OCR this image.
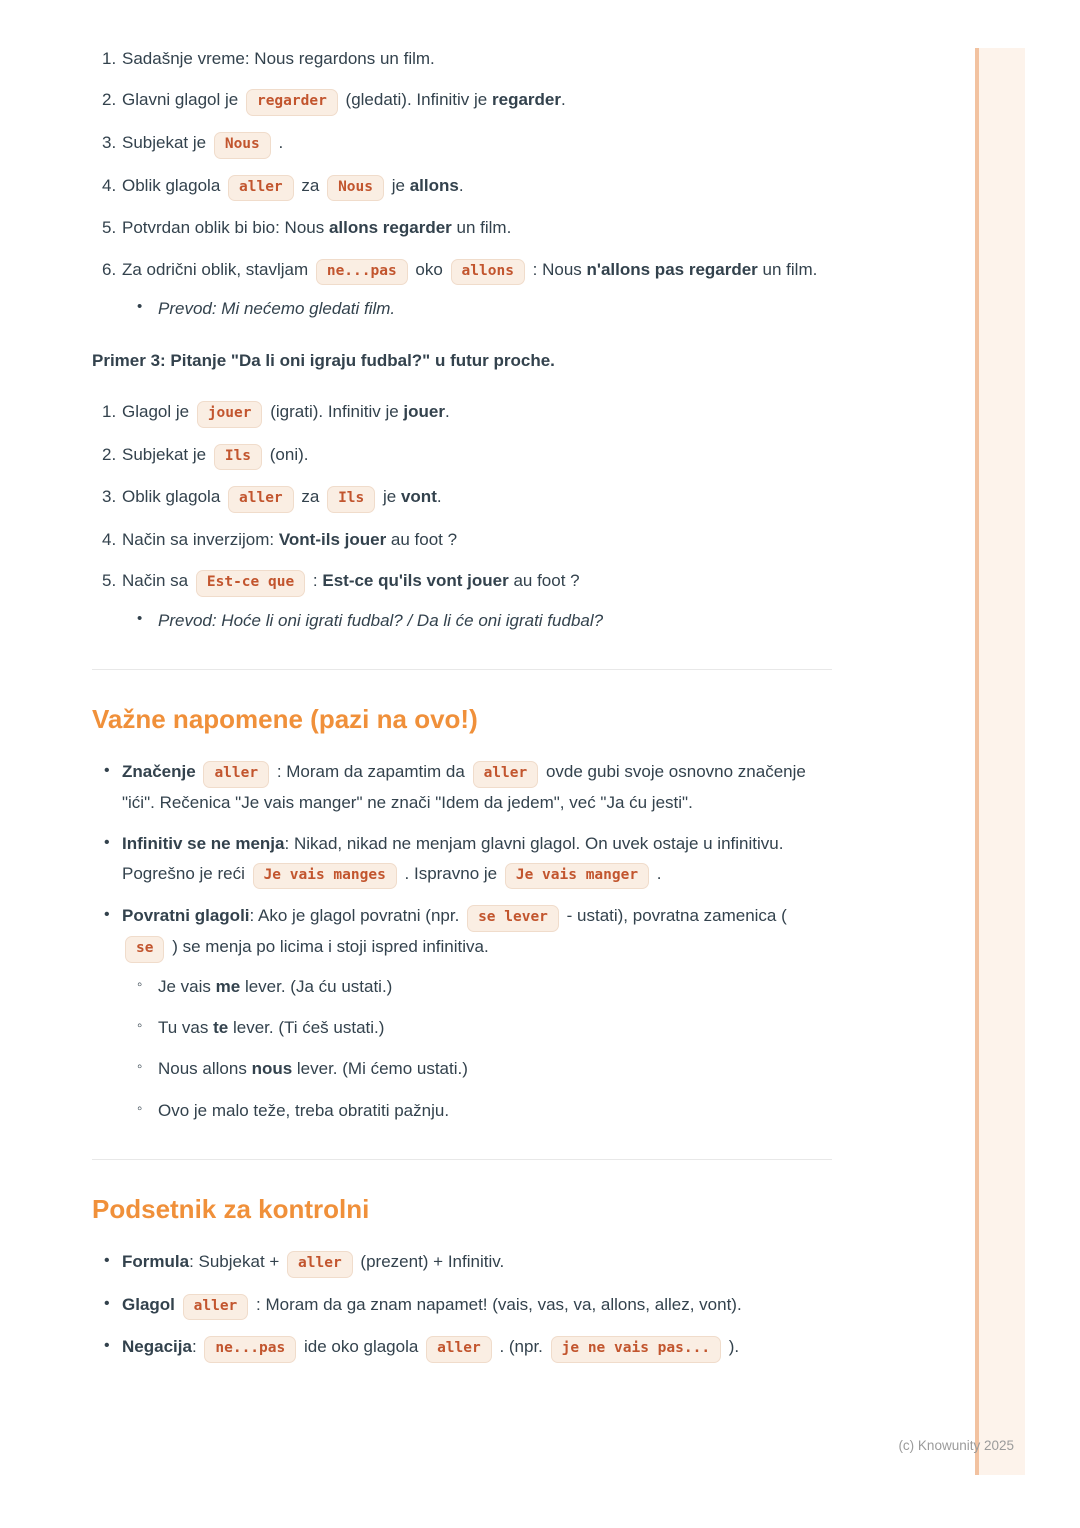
1. Sadašnje vreme: Nous regardons un film.
2. Glavni glagol je regarder (gledati). Infinitiv je regarder.
3. Subjekat je Nous .
4. Oblik glagola aller za Nous je allons.
5. Potvrdan oblik bi bio: Nous allons regarder un film.
6. Za odrični oblik, stavljam ne...pas oko allons : Nous n'allons pas regarder un film.
• Prevod: Mi nećemo gledati film.

Primer 3: Pitanje "Da li oni igraju fudbal?" u futur proche.

1. Glagol je jouer (igrati). Infinitiv je jouer.
2. Subjekat je Ils (oni).
3. Oblik glagola aller za Ils je vont.
4. Način sa inverzijom: Vont-ils jouer au foot ?
5. Način sa Est-ce que : Est-ce qu'ils vont jouer au foot ?
• Prevod: Hoće li oni igrati fudbal? / Da li će oni igrati fudbal?
Važne napomene (pazi na ovo!)
• Značenje aller : Moram da zapamtim da aller ovde gubi svoje osnovno značenje "ići". Rečenica "Je vais manger" ne znači "Idem da jedem", već "Ja ću jesti".
• Infinitiv se ne menja: Nikad, nikad ne menjam glavni glagol. On uvek ostaje u infinitivu. Pogrešno je reći Je vais manges . Ispravno je Je vais manger .
• Povratni glagoli: Ako je glagol povratni (npr. se lever - ustati), povratna zamenica ( se ) se menja po licima i stoji ispred infinitiva.
◦ Je vais me lever. (Ja ću ustati.)
◦ Tu vas te lever. (Ti ćeš ustati.)
◦ Nous allons nous lever. (Mi ćemo ustati.)
◦ Ovo je malo teže, treba obratiti pažnju.
Podsetnik za kontrolni
• Formula: Subjekat + aller (prezent) + Infinitiv.
• Glagol aller : Moram da ga znam napamet! (vais, vas, va, allons, allez, vont).
• Negacija: ne...pas ide oko glagola aller . (npr. je ne vais pas... ).
(c) Knowunity 2025
